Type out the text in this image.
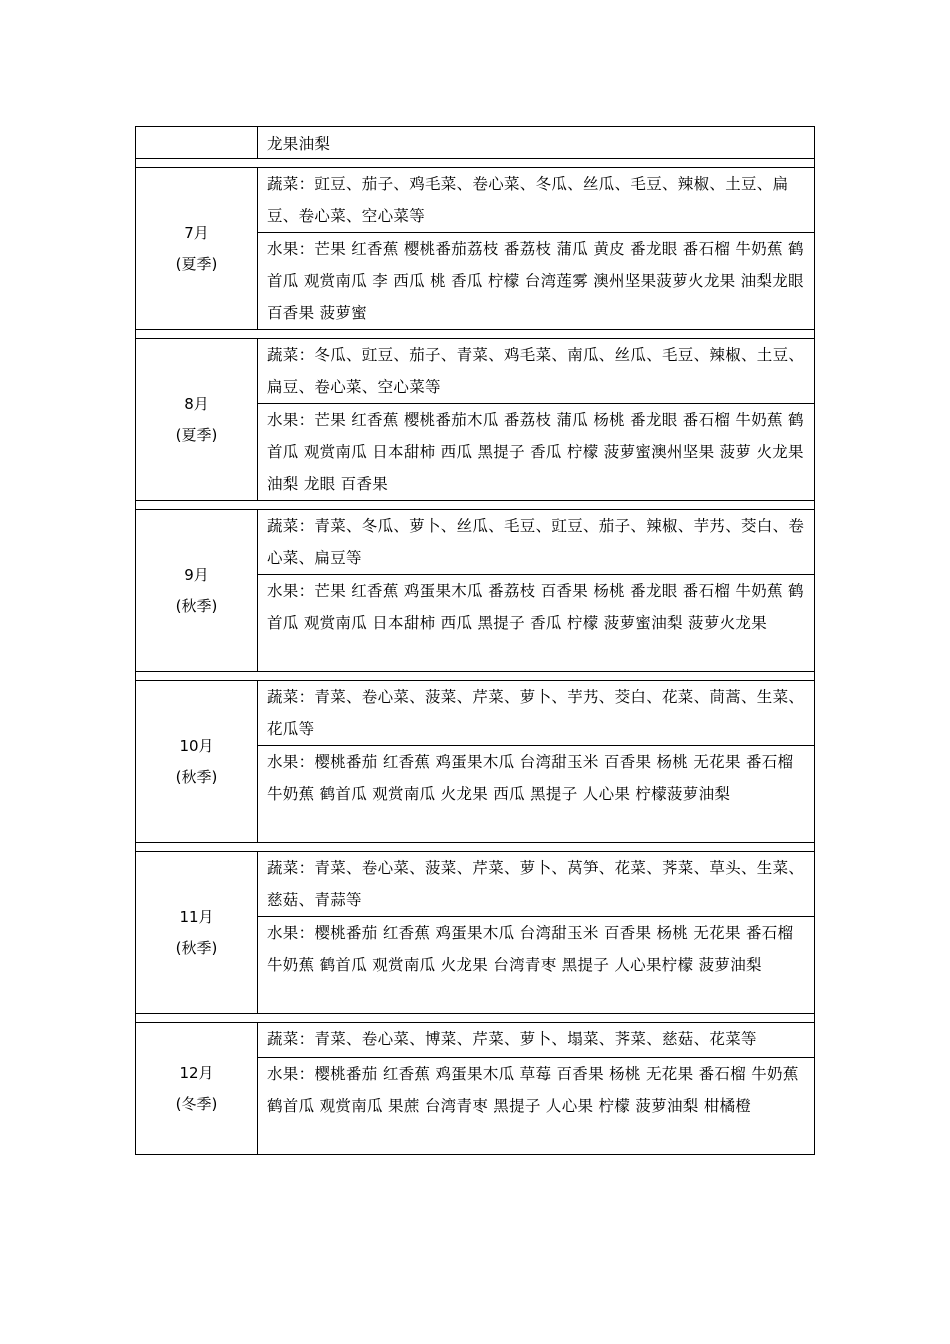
龙果油梨
7月
(夏季)
蔬菜：豇豆、茄子、鸡毛菜、卷心菜、冬瓜、丝瓜、毛豆、辣椒、土豆、扁豆、卷心菜、空心菜等
水果：芒果 红香蕉 樱桃番茄荔枝 番荔枝 蒲瓜 黄皮 番龙眼 番石榴 牛奶蕉 鹤首瓜 观赏南瓜 李 西瓜 桃 香瓜 柠檬 台湾莲雾 澳州坚果菠萝火龙果 油梨龙眼 百香果 菠萝蜜
8月
(夏季)
蔬菜：冬瓜、豇豆、茄子、青菜、鸡毛菜、南瓜、丝瓜、毛豆、辣椒、土豆、扁豆、卷心菜、空心菜等
水果：芒果 红香蕉 樱桃番茄木瓜 番荔枝 蒲瓜 杨桃 番龙眼 番石榴 牛奶蕉 鹤首瓜 观赏南瓜 日本甜柿 西瓜 黑提子 香瓜 柠檬 菠萝蜜澳州坚果 菠萝 火龙果油梨 龙眼 百香果
9月
(秋季)
蔬菜：青菜、冬瓜、萝卜、丝瓜、毛豆、豇豆、茄子、辣椒、芋艿、茭白、卷心菜、扁豆等
水果：芒果 红香蕉 鸡蛋果木瓜 番荔枝 百香果 杨桃 番龙眼 番石榴 牛奶蕉 鹤首瓜 观赏南瓜 日本甜柿 西瓜 黑提子 香瓜 柠檬 菠萝蜜油梨 菠萝火龙果
10月
(秋季)
蔬菜：青菜、卷心菜、菠菜、芹菜、萝卜、芋艿、茭白、花菜、茼蒿、生菜、花瓜等
水果：樱桃番茄 红香蕉 鸡蛋果木瓜 台湾甜玉米 百香果 杨桃 无花果 番石榴 牛奶蕉 鹤首瓜 观赏南瓜 火龙果 西瓜 黑提子 人心果 柠檬菠萝油梨
11月
(秋季)
蔬菜：青菜、卷心菜、菠菜、芹菜、萝卜、莴笋、花菜、荠菜、草头、生菜、慈菇、青蒜等
水果：樱桃番茄 红香蕉 鸡蛋果木瓜 台湾甜玉米 百香果 杨桃 无花果 番石榴 牛奶蕉 鹤首瓜 观赏南瓜 火龙果 台湾青枣 黑提子 人心果柠檬 菠萝油梨
12月
(冬季)
蔬菜：青菜、卷心菜、博菜、芹菜、萝卜、塌菜、荠菜、慈菇、花菜等
水果：樱桃番茄 红香蕉 鸡蛋果木瓜 草莓 百香果 杨桃 无花果 番石榴 牛奶蕉 鹤首瓜 观赏南瓜 果蔗 台湾青枣 黑提子 人心果 柠檬 菠萝油梨 柑橘橙
